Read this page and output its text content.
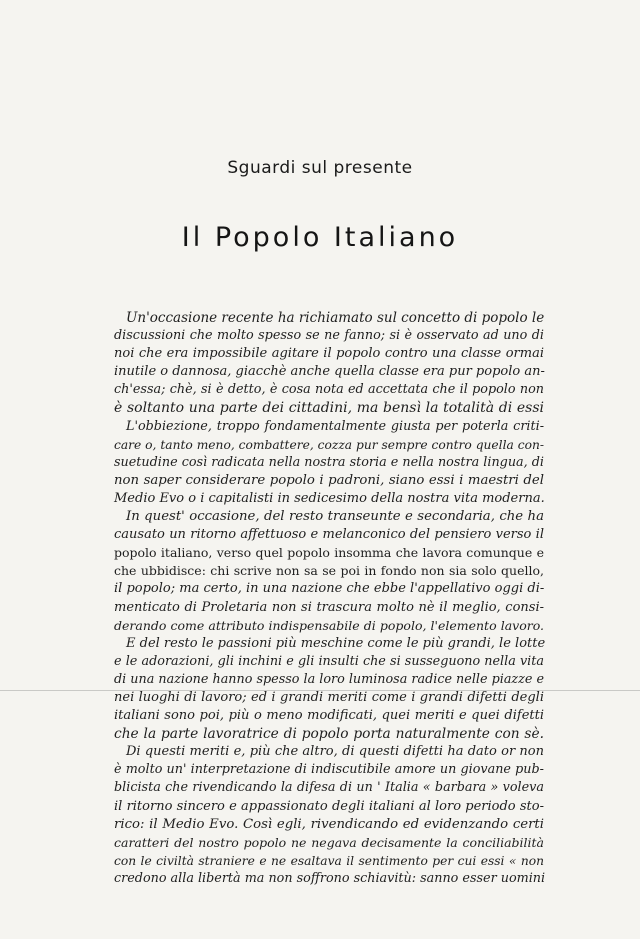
Sguardi sul presente
Il Popolo Italiano
Un'occasione recente ha richiamato sul concetto di popolo le
discussioni che molto spesso se ne fanno; si è osservato ad uno di
noi che era impossibile agitare il popolo contro una classe ormai
inutile o dannosa, giacchè anche quella classe era pur popolo an-
ch'essa; chè, si è detto, è cosa nota ed accettata che il popolo non
è soltanto una parte dei cittadini, ma bensì la totalità di essi
L'obbiezione, troppo fondamentalmente giusta per poterla criti-
care o, tanto meno, combattere, cozza pur sempre contro quella con-
suetudine così radicata nella nostra storia e nella nostra lingua, di
non saper considerare popolo i padroni, siano essi i maestri del
Medio Evo o i capitalisti in sedicesimo della nostra vita moderna.
In quest' occasione, del resto transeunte e secondaria, che ha
causato un ritorno affettuoso e melanconico del pensiero verso il
popolo italiano, verso quel popolo insomma che lavora comunque e
che ubbidisce: chi scrive non sa se poi in fondo non sia solo quello,
il popolo; ma certo, in una nazione che ebbe l'appellativo oggi di-
menticato di Proletaria non si trascura molto nè il meglio, consi-
derando come attributo indispensabile di popolo, l'elemento lavoro.
E del resto le passioni più meschine come le più grandi, le lotte
e le adorazioni, gli inchini e gli insulti che si susseguono nella vita
di una nazione hanno spesso la loro luminosa radice nelle piazze e
nei luoghi di lavoro; ed i grandi meriti come i grandi difetti degli
italiani sono poi, più o meno modificati, quei meriti e quei difetti
che la parte lavoratrice di popolo porta naturalmente con sè.
Di questi meriti e, più che altro, di questi difetti ha dato or non
è molto un' interpretazione di indiscutibile amore un giovane pub-
blicista che rivendicando la difesa di un ' Italia « barbara » voleva
il ritorno sincero e appassionato degli italiani al loro periodo sto-
rico: il Medio Evo. Così egli, rivendicando ed evidenzando certi
caratteri del nostro popolo ne negava decisamente la conciliabilità
con le civiltà straniere e ne esaltava il sentimento per cui essi « non
credono alla libertà ma non soffrono schiavitù: sanno esser uomini
